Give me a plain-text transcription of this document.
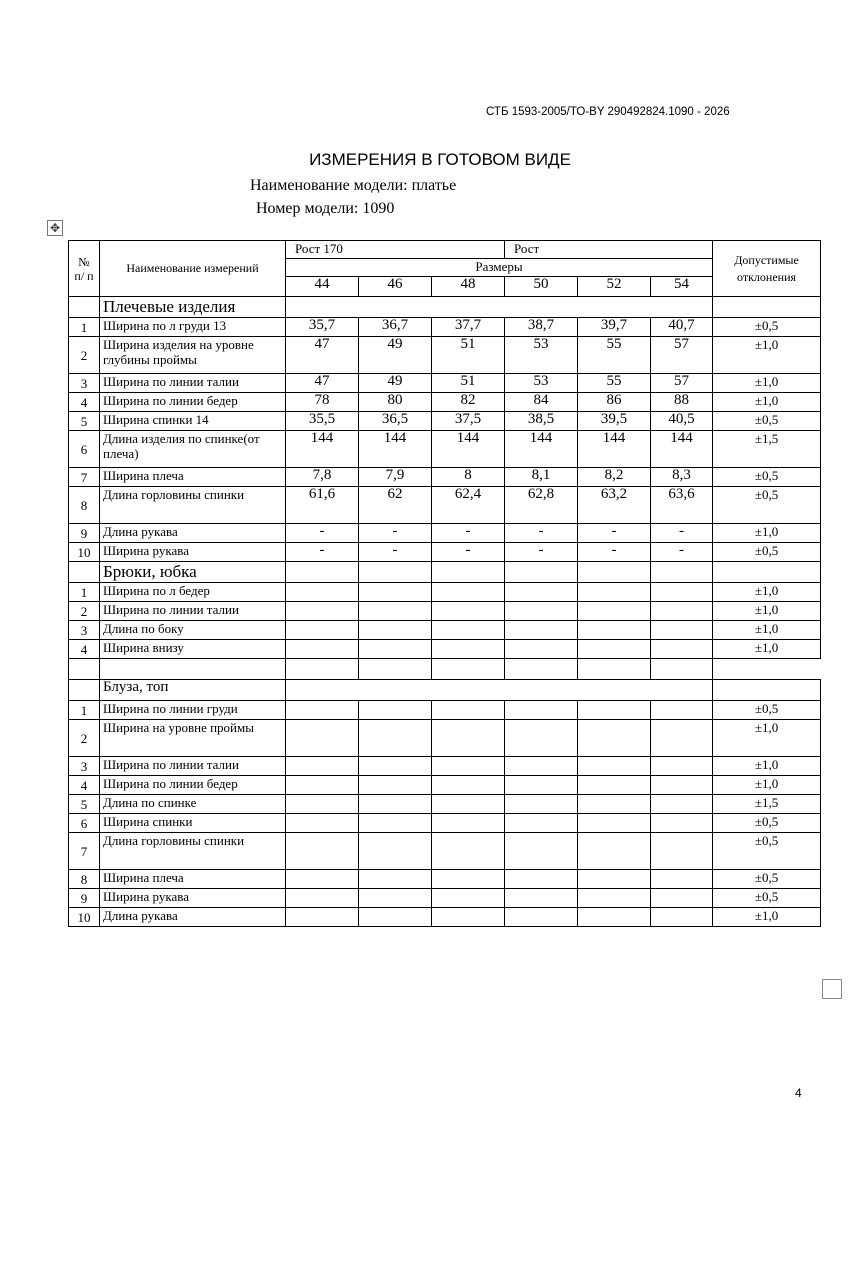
СТБ 1593-2005/ТО-BY 290492824.1090 - 2026
ИЗМЕРЕНИЯ В ГОТОВОМ ВИДЕ
Наименование модели: платье
Номер модели: 1090
✥
№ п/ п	Наименование измерений	Рост 170			Рост			Допустимые отклонения
		Размеры						
		44	46	48	50	52	54	
	Плечевые изделия							
1	Ширина по л груди 13	35,7	36,7	37,7	38,7	39,7	40,7	±0,5
2	Ширина изделия на уровне глубины проймы	47	49	51	53	55	57	±1,0
3	Ширина по линии талии	47	49	51	53	55	57	±1,0
4	Ширина по линии бедер	78	80	82	84	86	88	±1,0
5	Ширина спинки 14	35,5	36,5	37,5	38,5	39,5	40,5	±0,5
6	Длина изделия по спинке(от плеча)	144	144	144	144	144	144	±1,5
7	Ширина плеча	7,8	7,9	8	8,1	8,2	8,3	±0,5
8	Длина горловины спинки	61,6	62	62,4	62,8	63,2	63,6	±0,5
9	Длина рукава	-	-	-	-	-	-	±1,0
10	Ширина рукава	-	-	-	-	-	-	±0,5
	Брюки, юбка							
1	Ширина по л бедер							±1,0
2	Ширина по линии талии							±1,0
3	Длина по боку							±1,0
4	Ширина внизу							±1,0

	Блуза, топ							
1	Ширина по линии груди							±0,5
2	Ширина на уровне проймы							±1,0
3	Ширина по линии талии							±1,0
4	Ширина по линии бедер							±1,0
5	Длина по спинке							±1,5
6	Ширина спинки							±0,5
7	Длина горловины спинки							±0,5
8	Ширина плеча							±0,5
9	Ширина рукава							±0,5
10	Длина рукава							±1,0
4
